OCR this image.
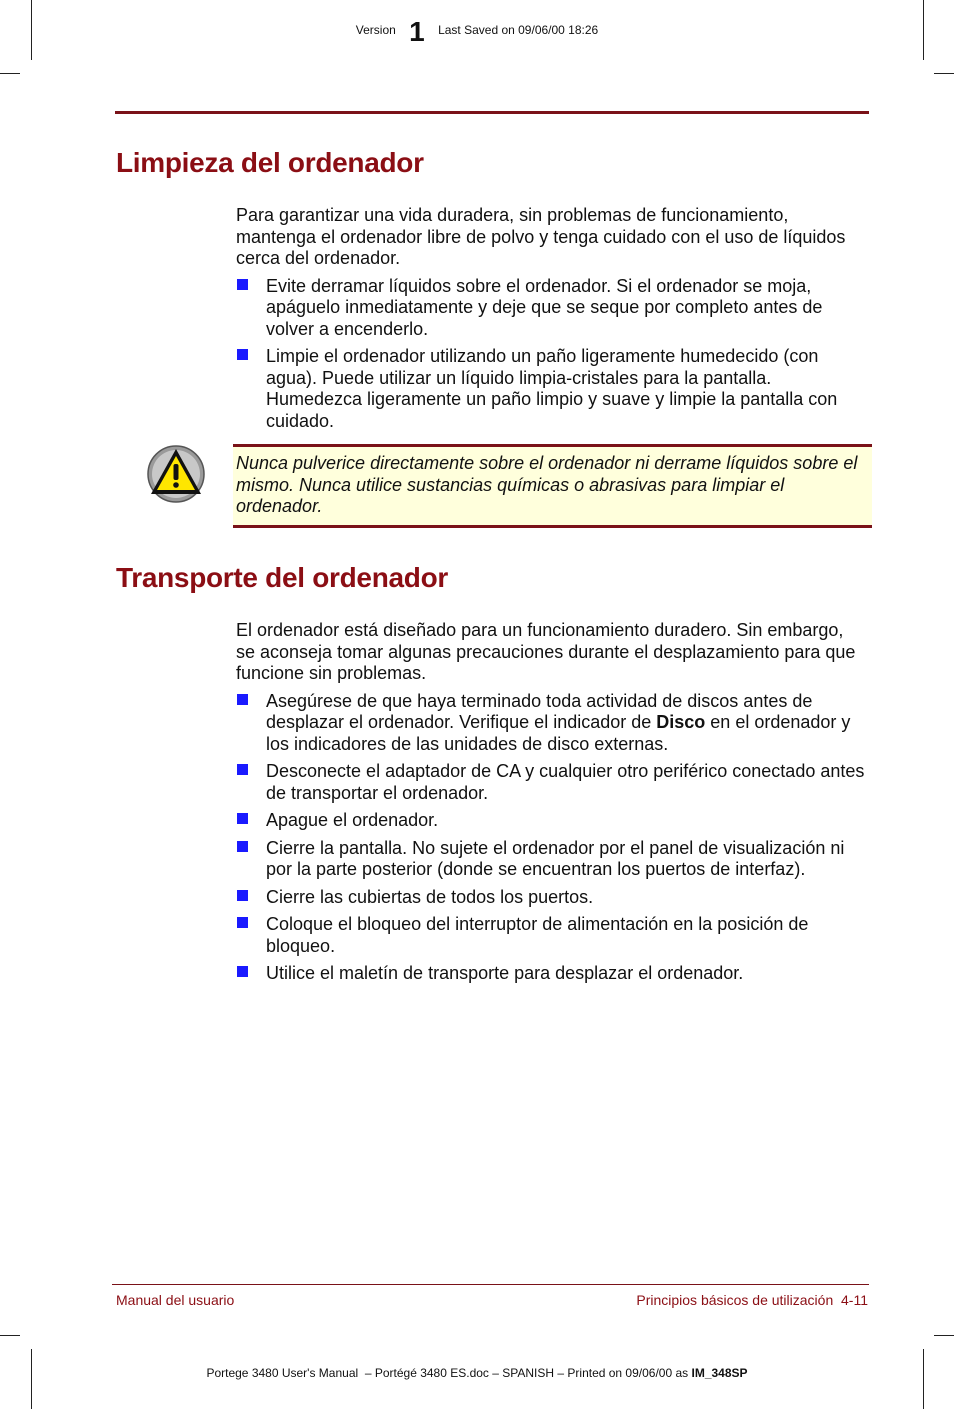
Version 1 Last Saved on 09/06/00 18:26
Limpieza del ordenador

Para garantizar una vida duradera, sin problemas de funcionamiento, mantenga el ordenador libre de polvo y tenga cuidado con el uso de líquidos cerca del ordenador.

Evite derramar líquidos sobre el ordenador. Si el ordenador se moja, apáguelo inmediatamente y deje que se seque por completo antes de volver a encenderlo.
Limpie el ordenador utilizando un paño ligeramente humedecido (con agua). Puede utilizar un líquido limpia-cristales para la pantalla. Humedezca ligeramente un paño limpio y suave y limpie la pantalla con cuidado.
Nunca pulverice directamente sobre el ordenador ni derrame líquidos sobre el mismo. Nunca utilice sustancias químicas o abrasivas para limpiar el ordenador.
Transporte del ordenador

El ordenador está diseñado para un funcionamiento duradero. Sin embargo, se aconseja tomar algunas precauciones durante el desplazamiento para que funcione sin problemas.

Asegúrese de que haya terminado toda actividad de discos antes de desplazar el ordenador. Verifique el indicador de Disco en el ordenador y los indicadores de las unidades de disco externas.
Desconecte el adaptador de CA y cualquier otro periférico conectado antes de transportar el ordenador.
Apague el ordenador.
Cierre la pantalla. No sujete el ordenador por el panel de visualización ni por la parte posterior (donde se encuentran los puertos de interfaz).
Cierre las cubiertas de todos los puertos.
Coloque el bloqueo del interruptor de alimentación en la posición de bloqueo.
Utilice el maletín de transporte para desplazar el ordenador.
Manual del usuario	Principios básicos de utilización  4-11
Portege 3480 User's Manual  – Portégé 3480 ES.doc – SPANISH – Printed on 09/06/00 as IM_348SP
